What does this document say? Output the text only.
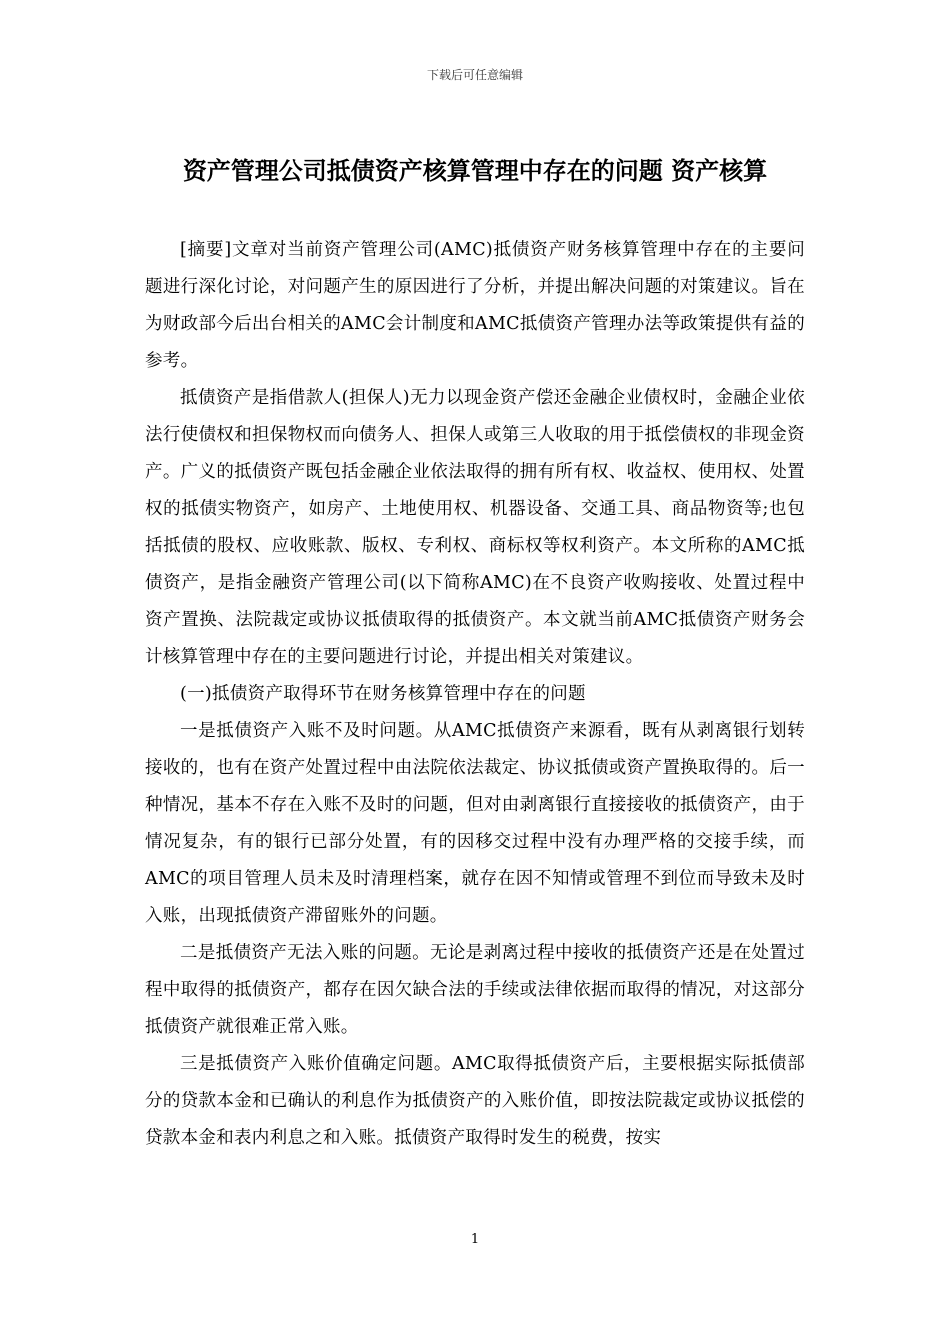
下载后可任意编辑
资产管理公司抵债资产核算管理中存在的问题 资产核算

[摘要]文章对当前资产管理公司(AMC)抵债资产财务核算管理中存在的主要问题进行深化讨论，对问题产生的原因进行了分析，并提出解决问题的对策建议。旨在为财政部今后出台相关的AMC会计制度和AMC抵债资产管理办法等政策提供有益的参考。

抵债资产是指借款人(担保人)无力以现金资产偿还金融企业债权时，金融企业依法行使债权和担保物权而向债务人、担保人或第三人收取的用于抵偿债权的非现金资产。广义的抵债资产既包括金融企业依法取得的拥有所有权、收益权、使用权、处置权的抵债实物资产，如房产、土地使用权、机器设备、交通工具、商品物资等;也包括抵债的股权、应收账款、版权、专利权、商标权等权利资产。本文所称的AMC抵债资产，是指金融资产管理公司(以下简称AMC)在不良资产收购接收、处置过程中资产置换、法院裁定或协议抵债取得的抵债资产。本文就当前AMC抵债资产财务会计核算管理中存在的主要问题进行讨论，并提出相关对策建议。

(一)抵债资产取得环节在财务核算管理中存在的问题

一是抵债资产入账不及时问题。从AMC抵债资产来源看，既有从剥离银行划转接收的，也有在资产处置过程中由法院依法裁定、协议抵债或资产置换取得的。后一种情况，基本不存在入账不及时的问题，但对由剥离银行直接接收的抵债资产，由于情况复杂，有的银行已部分处置，有的因移交过程中没有办理严格的交接手续，而AMC的项目管理人员未及时清理档案，就存在因不知情或管理不到位而导致未及时入账，出现抵债资产滞留账外的问题。

二是抵债资产无法入账的问题。无论是剥离过程中接收的抵债资产还是在处置过程中取得的抵债资产，都存在因欠缺合法的手续或法律依据而取得的情况，对这部分抵债资产就很难正常入账。

三是抵债资产入账价值确定问题。AMC取得抵债资产后，主要根据实际抵债部分的贷款本金和已确认的利息作为抵债资产的入账价值，即按法院裁定或协议抵偿的贷款本金和表内利息之和入账。抵债资产取得时发生的税费，按实

1
